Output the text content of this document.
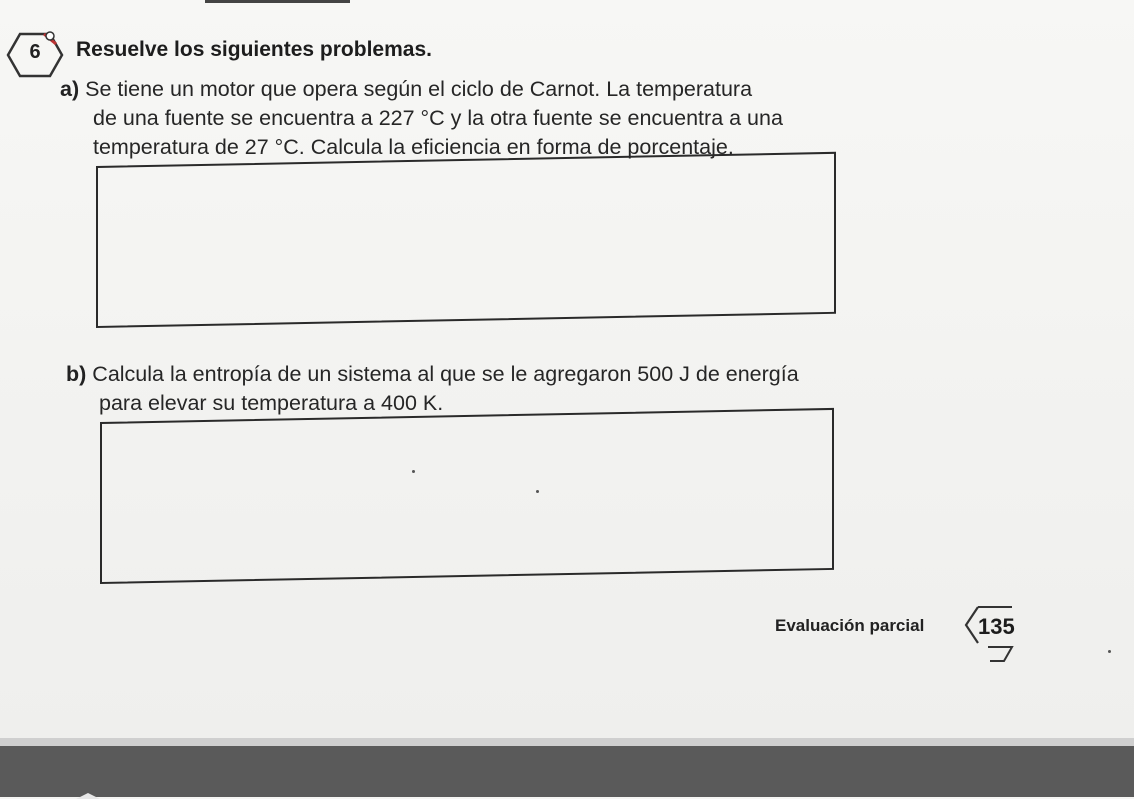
6	Resuelve los siguientes problemas.
a) Se tiene un motor que opera según el ciclo de Carnot. La temperatura
de una fuente se encuentra a 227 °C y la otra fuente se encuentra a una
temperatura de 27 °C. Calcula la eficiencia en forma de porcentaje.
b) Calcula la entropía de un sistema al que se le agregaron 500 J de energía
para elevar su temperatura a 400 K.
Evaluación parcial 135
